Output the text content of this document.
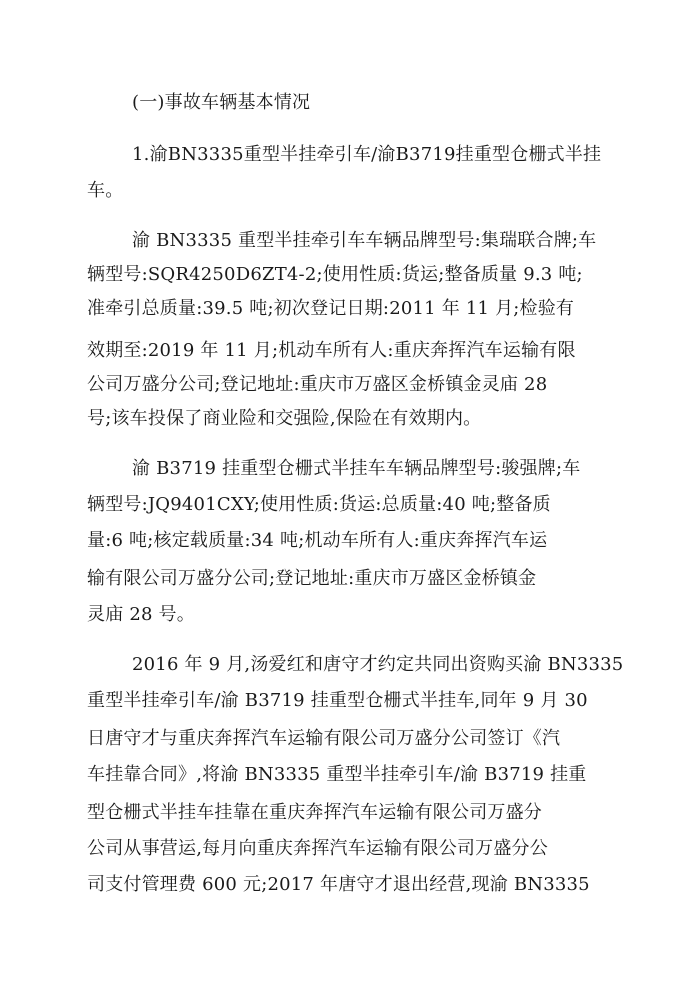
(一)事故车辆基本情况
1.渝BN3335重型半挂牵引车/渝B3719挂重型仓栅式半挂
车。
渝 BN3335 重型半挂牵引车车辆品牌型号:集瑞联合牌;车
辆型号:SQR4250D6ZT4-2;使用性质:货运;整备质量 9.3 吨;
准牵引总质量:39.5 吨;初次登记日期:2011 年 11 月;检验有
效期至:2019 年 11 月;机动车所有人:重庆奔挥汽车运输有限
公司万盛分公司;登记地址:重庆市万盛区金桥镇金灵庙 28
号;该车投保了商业险和交强险,保险在有效期内。
渝 B3719 挂重型仓栅式半挂车车辆品牌型号:骏强牌;车
辆型号:JQ9401CXY;使用性质:货运:总质量:40 吨;整备质
量:6 吨;核定载质量:34 吨;机动车所有人:重庆奔挥汽车运
输有限公司万盛分公司;登记地址:重庆市万盛区金桥镇金
灵庙 28 号。
2016 年 9 月,汤爱红和唐守才约定共同出资购买渝 BN3335
重型半挂牵引车/渝 B3719 挂重型仓栅式半挂车,同年 9 月 30
日唐守才与重庆奔挥汽车运输有限公司万盛分公司签订《汽
车挂靠合同》,将渝 BN3335 重型半挂牵引车/渝 B3719 挂重
型仓栅式半挂车挂靠在重庆奔挥汽车运输有限公司万盛分
公司从事营运,每月向重庆奔挥汽车运输有限公司万盛分公
司支付管理费 600 元;2017 年唐守才退出经营,现渝 BN3335
